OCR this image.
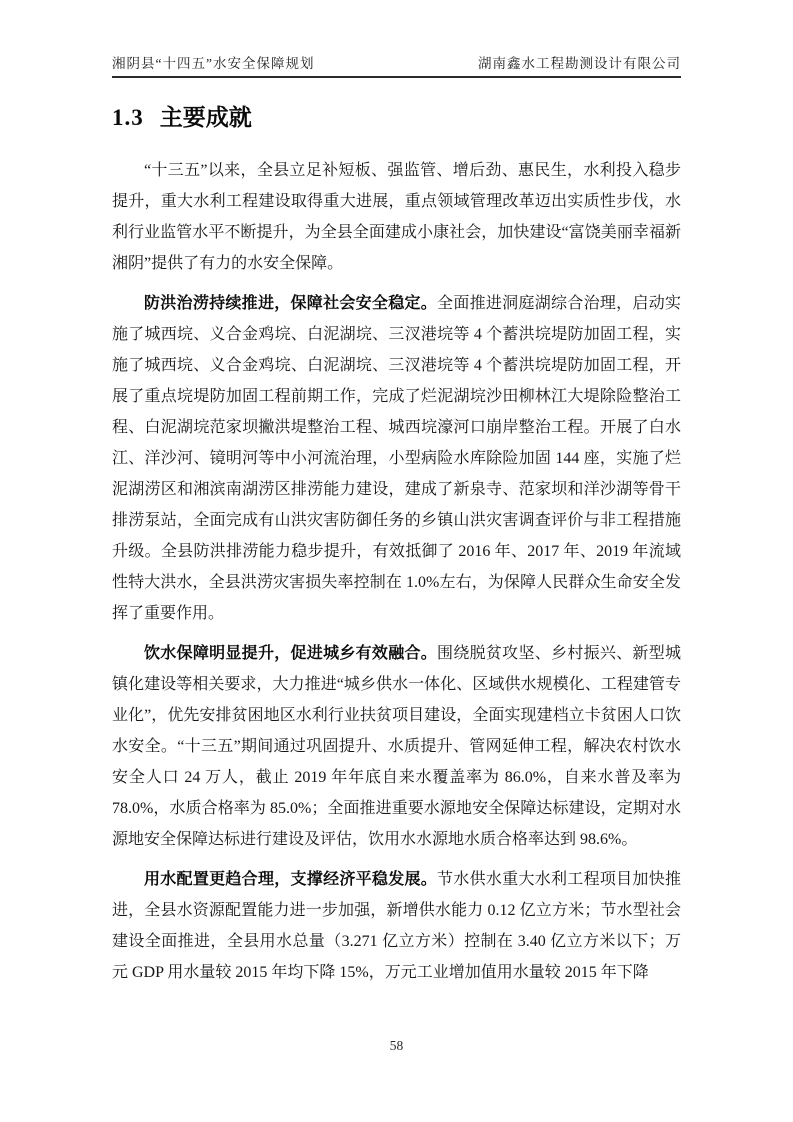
湘阴县“十四五”水安全保障规划	湖南鑫水工程勘测设计有限公司
1.3 主要成就

“十三五”以来，全县立足补短板、强监管、增后劲、惠民生，水利投入稳步提升，重大水利工程建设取得重大进展，重点领域管理改革迈出实质性步伐，水利行业监管水平不断提升，为全县全面建成小康社会，加快建设“富饶美丽幸福新湘阴”提供了有力的水安全保障。

防洪治涝持续推进，保障社会安全稳定。全面推进洞庭湖综合治理，启动实施了城西垸、义合金鸡垸、白泥湖垸、三汊港垸等 4 个蓄洪垸堤防加固工程，实施了城西垸、义合金鸡垸、白泥湖垸、三汊港垸等 4 个蓄洪垸堤防加固工程，开展了重点垸堤防加固工程前期工作，完成了烂泥湖垸沙田柳林江大堤除险整治工程、白泥湖垸范家坝撇洪堤整治工程、城西垸濠河口崩岸整治工程。开展了白水江、洋沙河、镜明河等中小河流治理，小型病险水库除险加固 144 座，实施了烂泥湖涝区和湘滨南湖涝区排涝能力建设，建成了新泉寺、范家坝和洋沙湖等骨干排涝泵站，全面完成有山洪灾害防御任务的乡镇山洪灾害调查评价与非工程措施升级。全县防洪排涝能力稳步提升，有效抵御了 2016 年、2017 年、2019 年流域性特大洪水，全县洪涝灾害损失率控制在 1.0%左右，为保障人民群众生命安全发挥了重要作用。

饮水保障明显提升，促进城乡有效融合。围绕脱贫攻坚、乡村振兴、新型城镇化建设等相关要求，大力推进“城乡供水一体化、区域供水规模化、工程建管专业化”，优先安排贫困地区水利行业扶贫项目建设，全面实现建档立卡贫困人口饮水安全。“十三五”期间通过巩固提升、水质提升、管网延伸工程，解决农村饮水安全人口 24 万人，截止 2019 年年底自来水覆盖率为 86.0%，自来水普及率为 78.0%，水质合格率为 85.0%；全面推进重要水源地安全保障达标建设，定期对水源地安全保障达标进行建设及评估，饮用水水源地水质合格率达到 98.6%。

用水配置更趋合理，支撑经济平稳发展。节水供水重大水利工程项目加快推进，全县水资源配置能力进一步加强，新增供水能力 0.12 亿立方米；节水型社会建设全面推进，全县用水总量（3.271 亿立方米）控制在 3.40 亿立方米以下；万元 GDP 用水量较 2015 年均下降 15%，万元工业增加值用水量较 2015 年下降

58
